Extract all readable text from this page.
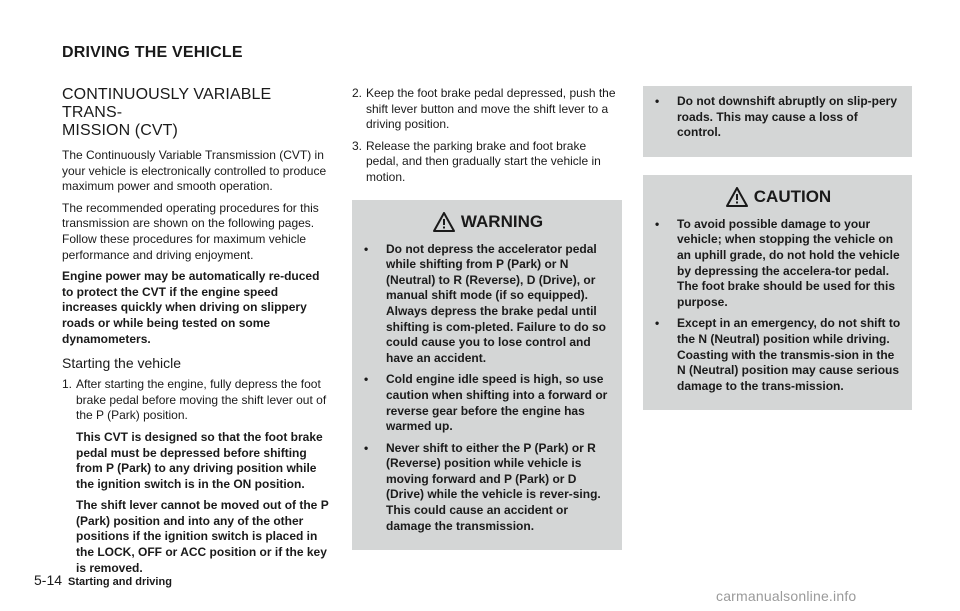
DRIVING THE VEHICLE
CONTINUOUSLY VARIABLE TRANS-
MISSION (CVT)

The Continuously Variable Transmission (CVT) in your vehicle is electronically controlled to produce maximum power and smooth operation.

The recommended operating procedures for this transmission are shown on the following pages. Follow these procedures for maximum vehicle performance and driving enjoyment.

Engine power may be automatically re-duced to protect the CVT if the engine speed increases quickly when driving on slippery roads or while being tested on some dynamometers.

Starting the vehicle
1. After starting the engine, fully depress the foot brake pedal before moving the shift lever out of the P (Park) position.
This CVT is designed so that the foot brake pedal must be depressed before shifting from P (Park) to any driving position while the ignition switch is in the ON position.
The shift lever cannot be moved out of the P (Park) position and into any of the other positions if the ignition switch is placed in the LOCK, OFF or ACC position or if the key is removed.
2. Keep the foot brake pedal depressed, push the shift lever button and move the shift lever to a driving position.
3. Release the parking brake and foot brake pedal, and then gradually start the vehicle in motion.
WARNING
• Do not depress the accelerator pedal while shifting from P (Park) or N (Neutral) to R (Reverse), D (Drive), or manual shift mode (if so equipped). Always depress the brake pedal until shifting is com-pleted. Failure to do so could cause you to lose control and have an accident.
• Cold engine idle speed is high, so use caution when shifting into a forward or reverse gear before the engine has warmed up.
• Never shift to either the P (Park) or R (Reverse) position while vehicle is moving forward and P (Park) or D (Drive) while the vehicle is rever-sing. This could cause an accident or damage the transmission.
• Do not downshift abruptly on slip-pery roads. This may cause a loss of control.
CAUTION
• To avoid possible damage to your vehicle; when stopping the vehicle on an uphill grade, do not hold the vehicle by depressing the accelera-tor pedal. The foot brake should be used for this purpose.
• Except in an emergency, do not shift to the N (Neutral) position while driving. Coasting with the transmis-sion in the N (Neutral) position may cause serious damage to the trans-mission.
5-14 Starting and driving
carmanualsonline.info
